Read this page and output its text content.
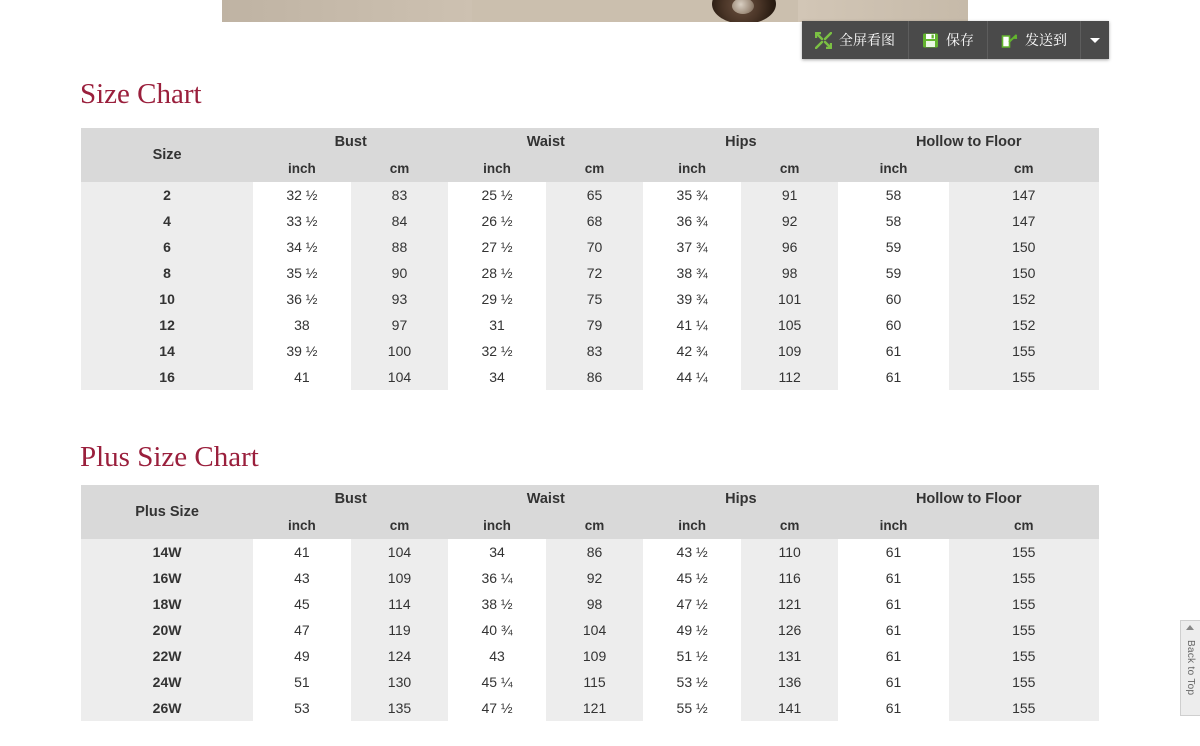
全屏看图	保存	发送到
Size Chart
Size	Bust		Waist		Hips		Hollow to Floor	
	inch	cm	inch	cm	inch	cm	inch	cm
2	32 ½	83	25 ½	65	35 ¾	91	58	147
4	33 ½	84	26 ½	68	36 ¾	92	58	147
6	34 ½	88	27 ½	70	37 ¾	96	59	150
8	35 ½	90	28 ½	72	38 ¾	98	59	150
10	36 ½	93	29 ½	75	39 ¾	101	60	152
12	38	97	31	79	41 ¼	105	60	152
14	39 ½	100	32 ½	83	42 ¾	109	61	155
16	41	104	34	86	44 ¼	112	61	155
Plus Size Chart
Plus Size	Bust		Waist		Hips		Hollow to Floor	
	inch	cm	inch	cm	inch	cm	inch	cm
14W	41	104	34	86	43 ½	110	61	155
16W	43	109	36 ¼	92	45 ½	116	61	155
18W	45	114	38 ½	98	47 ½	121	61	155
20W	47	119	40 ¾	104	49 ½	126	61	155
22W	49	124	43	109	51 ½	131	61	155
24W	51	130	45 ¼	115	53 ½	136	61	155
26W	53	135	47 ½	121	55 ½	141	61	155
Back to Top
